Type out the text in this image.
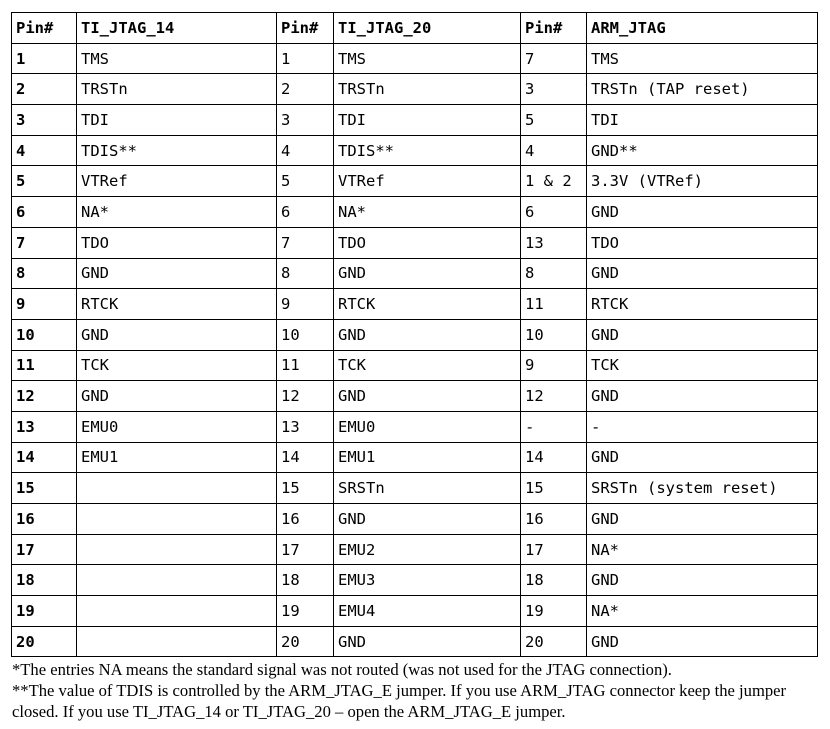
Pin#	TI_JTAG_14	Pin#	TI_JTAG_20	Pin#	ARM_JTAG
1	TMS	1	TMS	7	TMS
2	TRSTn	2	TRSTn	3	TRSTn (TAP reset)
3	TDI	3	TDI	5	TDI
4	TDIS**	4	TDIS**	4	GND**
5	VTRef	5	VTRef	1 & 2	3.3V (VTRef)
6	NA*	6	NA*	6	GND
7	TDO	7	TDO	13	TDO
8	GND	8	GND	8	GND
9	RTCK	9	RTCK	11	RTCK
10	GND	10	GND	10	GND
11	TCK	11	TCK	9	TCK
12	GND	12	GND	12	GND
13	EMU0	13	EMU0	-	-
14	EMU1	14	EMU1	14	GND
15		15	SRSTn	15	SRSTn (system reset)
16		16	GND	16	GND
17		17	EMU2	17	NA*
18		18	EMU3	18	GND
19		19	EMU4	19	NA*
20		20	GND	20	GND

*The entries NA means the standard signal was not routed (was not used for the JTAG connection).

**The value of TDIS is controlled by the ARM_JTAG_E jumper. If you use ARM_JTAG connector keep the jumper closed. If you use TI_JTAG_14 or TI_JTAG_20 – open the ARM_JTAG_E jumper.
